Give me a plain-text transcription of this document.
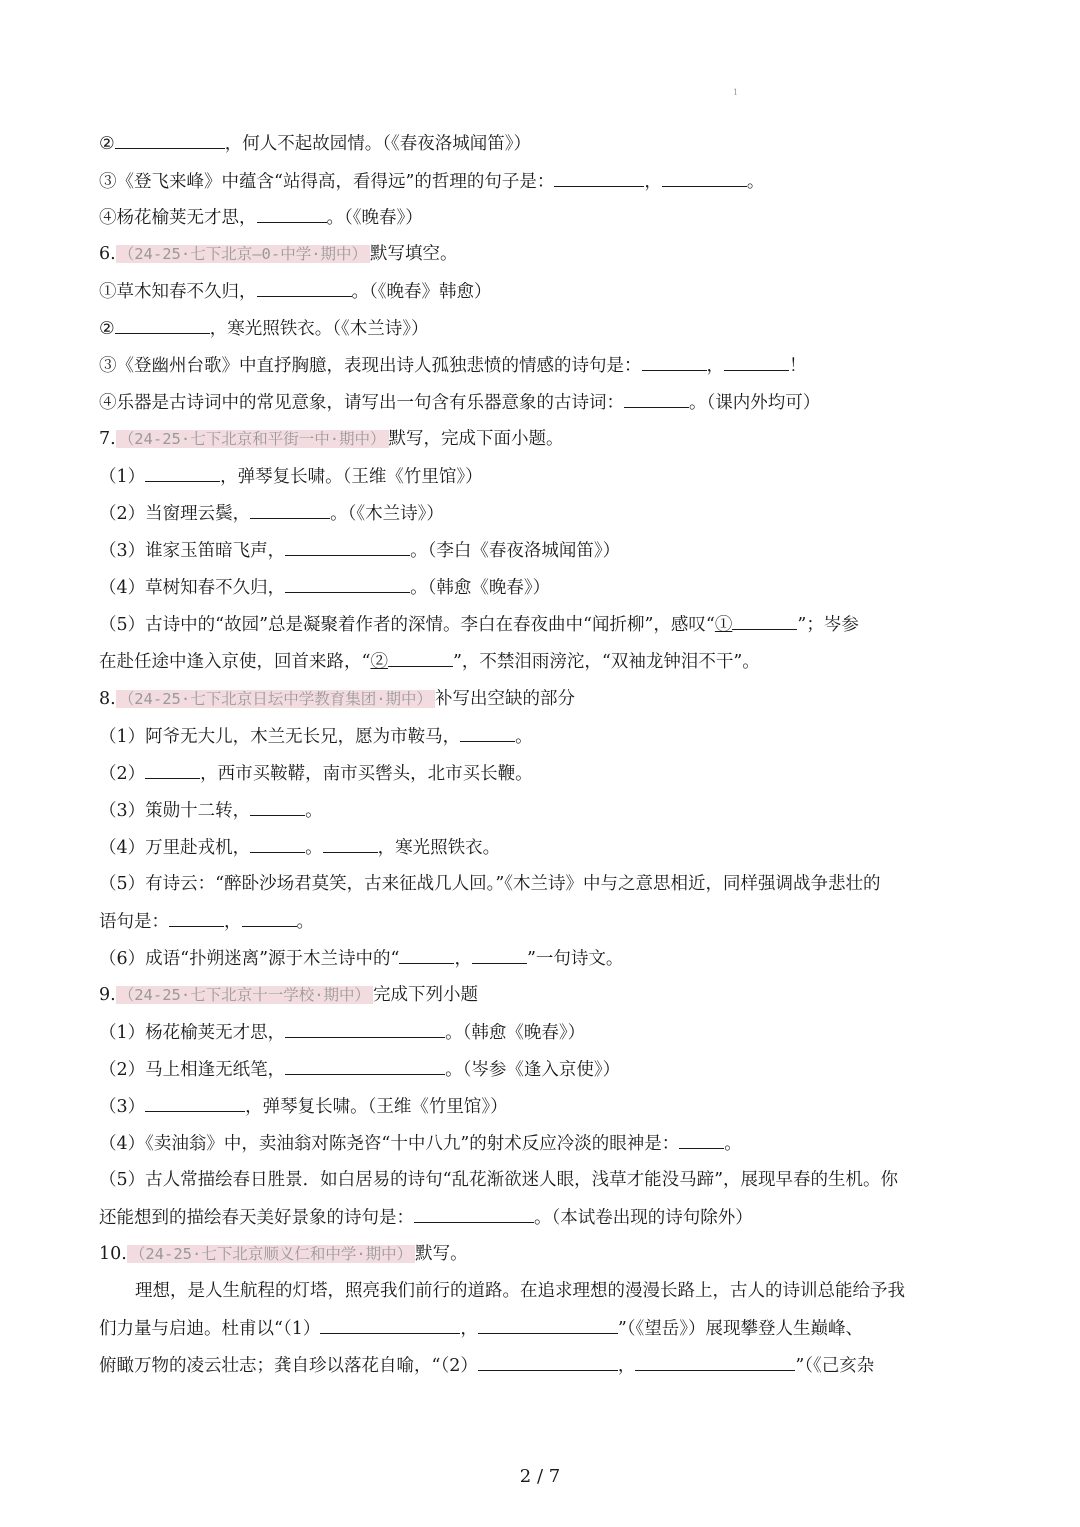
1
②	，何人不起故园情。（《春夜洛城闻笛》）
③《登飞来峰》中蕴含“站得高，看得远”的哲理的句子是：	，	。
④杨花榆荚无才思，	。（《晚春》）
6. （24-25·七下北京—0-中学·期中） 默写填空。
①草木知春不久归，	。（《晚春》韩愈）
②	，寒光照铁衣。（《木兰诗》）
③《登幽州台歌》中直抒胸臆，表现出诗人孤独悲愤的情感的诗句是：	，	！
④乐器是古诗词中的常见意象，请写出一句含有乐器意象的古诗词：	。（课内外均可）
7. （24-25·七下北京和平街一中·期中） 默写，完成下面小题。
（1）	，弹琴复长啸。（王维《竹里馆》）
（2）当窗理云鬓，	。（《木兰诗》）
（3）谁家玉笛暗飞声，	。（李白《春夜洛城闻笛》）
（4）草树知春不久归，	。（韩愈《晚春》）
（5）古诗中的“故园”总是凝聚着作者的深情。李白在春夜曲中“闻折柳”，感叹“①	”；岑参
在赴任途中逢入京使，回首来路，“②	”，不禁泪雨滂沱，“双袖龙钟泪不干”。
8. （24-25·七下北京日坛中学教育集团·期中） 补写出空缺的部分
（1）阿爷无大儿，木兰无长兄，愿为市鞍马，	。
（2）	，西市买鞍鞯，南市买辔头，北市买长鞭。
（3）策勋十二转，	。
（4）万里赴戎机，	。	，寒光照铁衣。
（5）有诗云：“醉卧沙场君莫笑，古来征战几人回。”《木兰诗》中与之意思相近，同样强调战争悲壮的
语句是：	，	。
（6）成语“扑朔迷离”源于木兰诗中的“	，	”一句诗文。
9. （24-25·七下北京十一学校·期中） 完成下列小题
（1）杨花榆荚无才思，	。（韩愈《晚春》）
（2）马上相逢无纸笔，	。（岑参《逢入京使》）
（3）	，弹琴复长啸。（王维《竹里馆》）
（4）《卖油翁》中，卖油翁对陈尧咨“十中八九”的射术反应冷淡的眼神是：	。
（5）古人常描绘春日胜景．如白居易的诗句“乱花渐欲迷人眼，浅草才能没马蹄”，展现早春的生机。你
还能想到的描绘春天美好景象的诗句是：	。（本试卷出现的诗句除外）
10. （24-25·七下北京顺义仁和中学·期中） 默写。
理想，是人生航程的灯塔，照亮我们前行的道路。在追求理想的漫漫长路上，古人的诗训总能给予我
们力量与启迪。杜甫以“（1）	，	”（《望岳》）展现攀登人生巅峰、
俯瞰万物的凌云壮志；龚自珍以落花自喻，“（2）	，	”（《己亥杂
2 / 7
